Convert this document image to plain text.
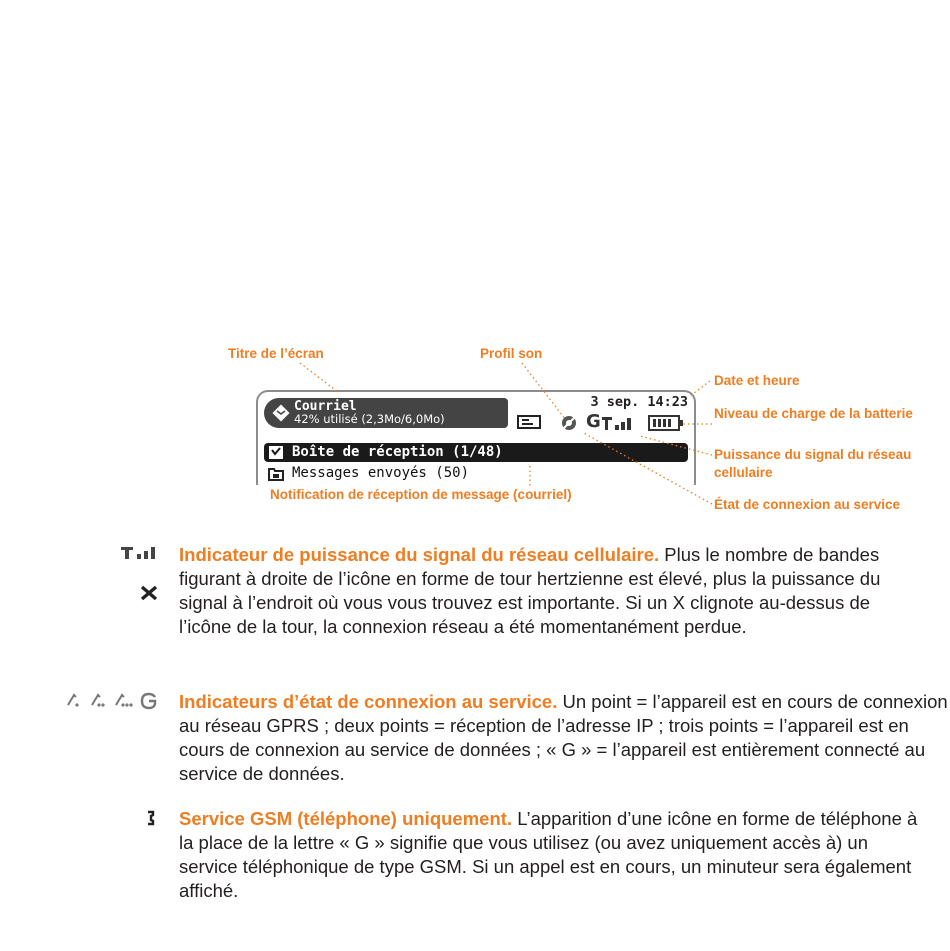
Titre de l’écran	Profil son
Date et heure
Niveau de charge de la batterie
Puissance du signal du réseau cellulaire
Notification de réception de message (courriel)
État de connexion au service
Courriel
42% utilisé (2,3Mo/6,0Mo)
3 sep. 14:23
G
Boîte de réception (1/48)
Messages envoyés (50)
Indicateur de puissance du signal du réseau cellulaire. Plus le nombre de bandes figurant à droite de l’icône en forme de tour hertzienne est élevé, plus la puissance du signal à l’endroit où vous vous trouvez est importante. Si un X clignote au-dessus de l’icône de la tour, la connexion réseau a été momentanément perdue.
Indicateurs d’état de connexion au service. Un point = l’appareil est en cours de connexion au réseau GPRS ; deux points = réception de l’adresse IP ; trois points = l’appareil est en cours de connexion au service de données ; « G » = l’appareil est entièrement connecté au service de données.
Service GSM (téléphone) uniquement. L’apparition d’une icône en forme de téléphone à la place de la lettre « G » signifie que vous utilisez (ou avez uniquement accès à) un service téléphonique de type GSM. Si un appel est en cours, un minuteur sera également affiché.
